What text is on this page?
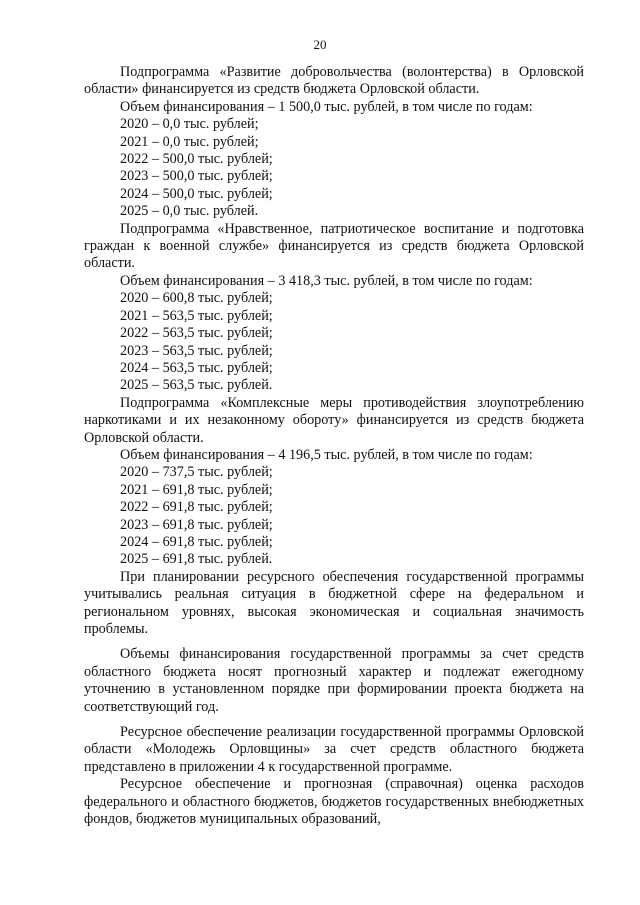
20

Подпрограмма «Развитие добровольчества (волонтерства) в Орловской области» финансируется из средств бюджета Орловской области.

Объем финансирования – 1 500,0 тыс. рублей, в том числе по годам:

2020 – 0,0 тыс. рублей;

2021 – 0,0 тыс. рублей;

2022 – 500,0 тыс. рублей;

2023 – 500,0 тыс. рублей;

2024 – 500,0 тыс. рублей;

2025 – 0,0 тыс. рублей.

Подпрограмма «Нравственное, патриотическое воспитание и подготовка граждан к военной службе» финансируется из средств бюджета Орловской области.

Объем финансирования – 3 418,3 тыс. рублей, в том числе по годам:

2020 – 600,8 тыс. рублей;

2021 – 563,5 тыс. рублей;

2022 – 563,5 тыс. рублей;

2023 – 563,5 тыс. рублей;

2024 – 563,5 тыс. рублей;

2025 – 563,5 тыс. рублей.

Подпрограмма «Комплексные меры противодействия злоупотреблению наркотиками и их незаконному обороту» финансируется из средств бюджета Орловской области.

Объем финансирования – 4 196,5 тыс. рублей, в том числе по годам:

2020 – 737,5 тыс. рублей;

2021 – 691,8 тыс. рублей;

2022 – 691,8 тыс. рублей;

2023 – 691,8 тыс. рублей;

2024 – 691,8 тыс. рублей;

2025 – 691,8 тыс. рублей.

При планировании ресурсного обеспечения государственной программы учитывались реальная ситуация в бюджетной сфере на федеральном и региональном уровнях, высокая экономическая и социальная значимость проблемы.

Объемы финансирования государственной программы за счет средств областного бюджета носят прогнозный характер и подлежат ежегодному уточнению в установленном порядке при формировании проекта бюджета на соответствующий год.

Ресурсное обеспечение реализации государственной программы Орловской области «Молодежь Орловщины» за счет средств областного бюджета представлено в приложении 4 к государственной программе.

Ресурсное обеспечение и прогнозная (справочная) оценка расходов федерального и областного бюджетов, бюджетов государственных внебюджетных фондов, бюджетов муниципальных образований,
